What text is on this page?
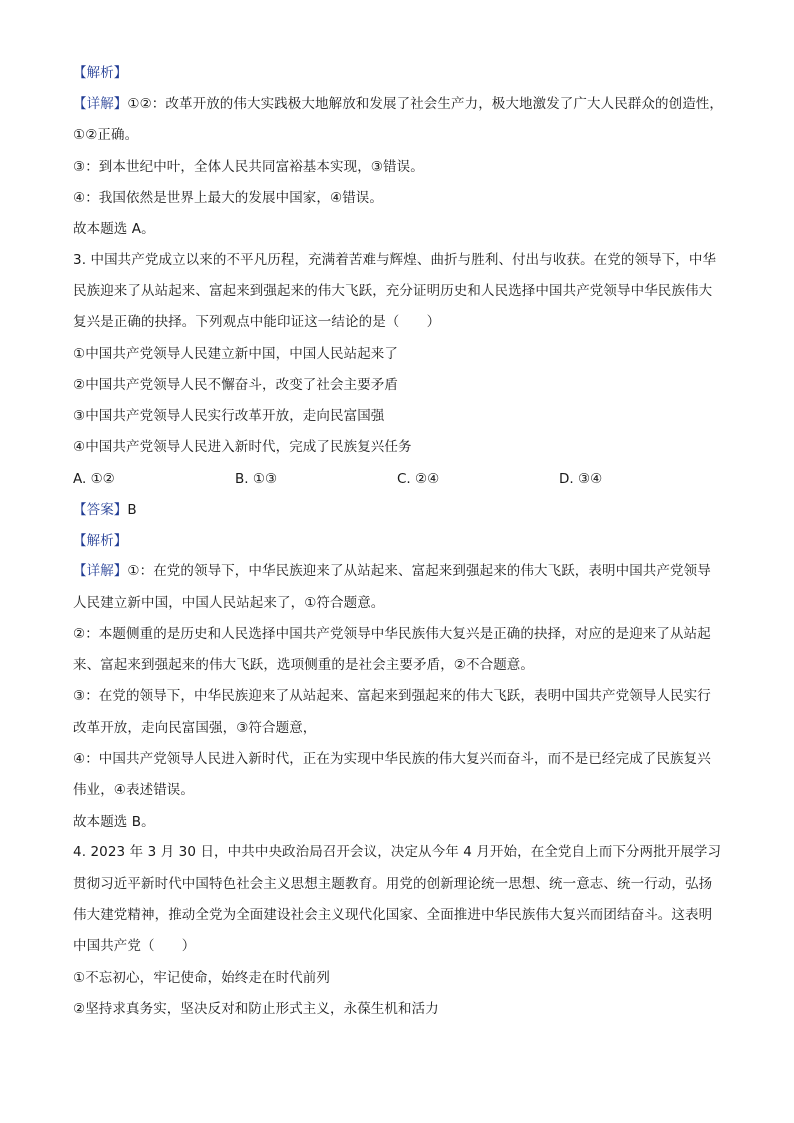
【解析】
【详解】①②：改革开放的伟大实践极大地解放和发展了社会生产力，极大地激发了广大人民群众的创造性，①②正确。
③：到本世纪中叶，全体人民共同富裕基本实现，③错误。
④：我国依然是世界上最大的发展中国家，④错误。
故本题选 A。
3. 中国共产党成立以来的不平凡历程，充满着苦难与辉煌、曲折与胜利、付出与收获。在党的领导下，中华民族迎来了从站起来、富起来到强起来的伟大飞跃，充分证明历史和人民选择中国共产党领导中华民族伟大复兴是正确的抉择。下列观点中能印证这一结论的是（　　）
①中国共产党领导人民建立新中国，中国人民站起来了
②中国共产党领导人民不懈奋斗，改变了社会主要矛盾
③中国共产党领导人民实行改革开放，走向民富国强
④中国共产党领导人民进入新时代，完成了民族复兴任务
A. ①②	B. ①③	C. ②④	D. ③④
【答案】B
【解析】
【详解】①：在党的领导下，中华民族迎来了从站起来、富起来到强起来的伟大飞跃，表明中国共产党领导人民建立新中国，中国人民站起来了，①符合题意。
②：本题侧重的是历史和人民选择中国共产党领导中华民族伟大复兴是正确的抉择，对应的是迎来了从站起来、富起来到强起来的伟大飞跃，选项侧重的是社会主要矛盾，②不合题意。
③：在党的领导下，中华民族迎来了从站起来、富起来到强起来的伟大飞跃，表明中国共产党领导人民实行改革开放，走向民富国强，③符合题意，
④：中国共产党领导人民进入新时代，正在为实现中华民族的伟大复兴而奋斗，而不是已经完成了民族复兴伟业，④表述错误。
故本题选 B。
4. 2023 年 3 月 30 日，中共中央政治局召开会议，决定从今年 4 月开始，在全党自上而下分两批开展学习贯彻习近平新时代中国特色社会主义思想主题教育。用党的创新理论统一思想、统一意志、统一行动，弘扬伟大建党精神，推动全党为全面建设社会主义现代化国家、全面推进中华民族伟大复兴而团结奋斗。这表明中国共产党（　　）
①不忘初心，牢记使命，始终走在时代前列
②坚持求真务实，坚决反对和防止形式主义，永葆生机和活力
